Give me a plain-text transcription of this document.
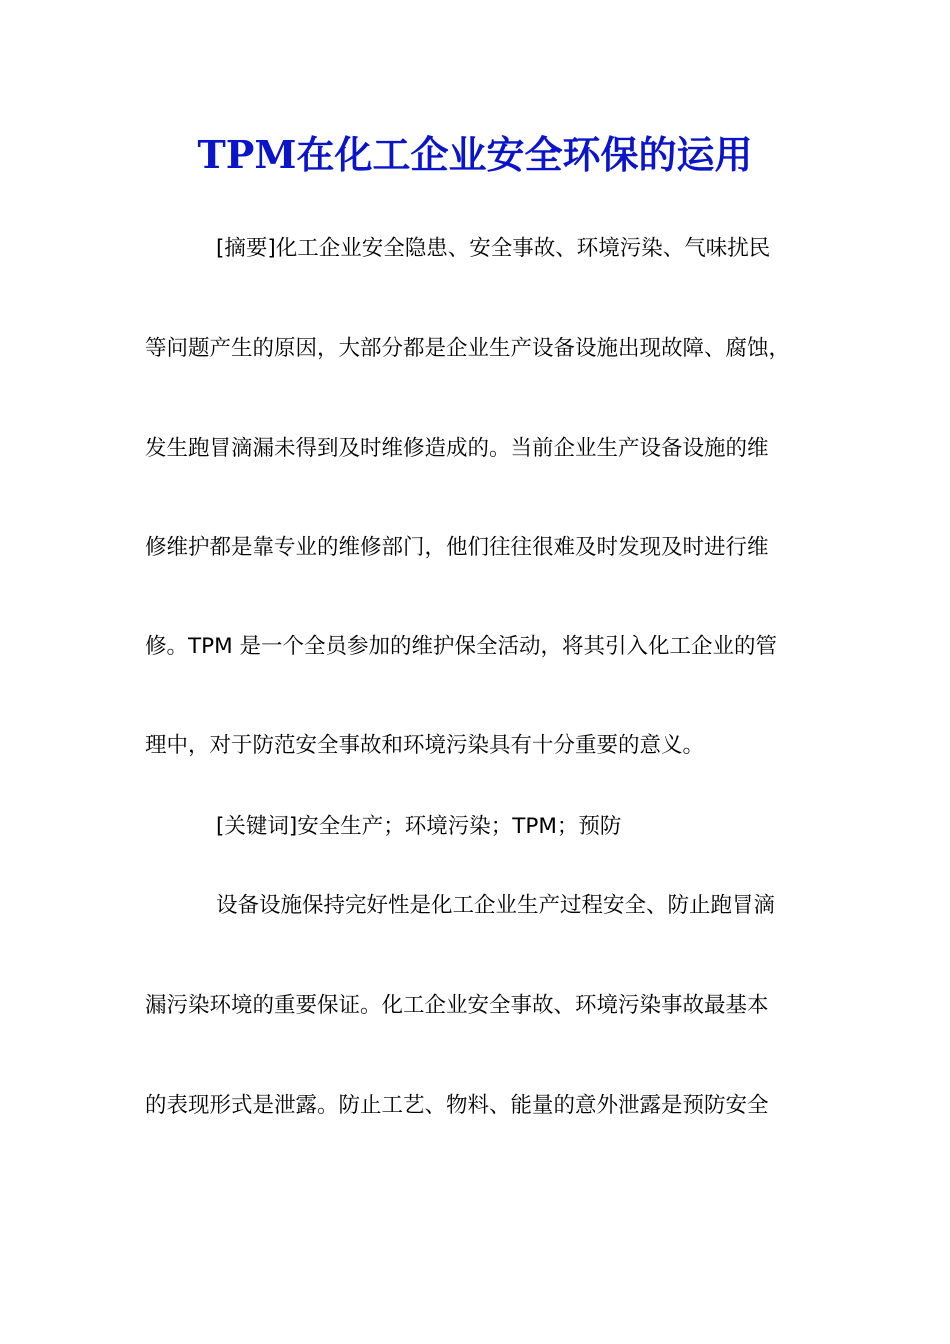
TPM在化工企业安全环保的运用
[摘要]化工企业安全隐患、安全事故、环境污染、气味扰民
等问题产生的原因，大部分都是企业生产设备设施出现故障、腐蚀，
发生跑冒滴漏未得到及时维修造成的。当前企业生产设备设施的维
修维护都是靠专业的维修部门，他们往往很难及时发现及时进行维
修。TPM 是一个全员参加的维护保全活动，将其引入化工企业的管
理中，对于防范安全事故和环境污染具有十分重要的意义。
[关键词]安全生产；环境污染；TPM；预防
设备设施保持完好性是化工企业生产过程安全、防止跑冒滴
漏污染环境的重要保证。化工企业安全事故、环境污染事故最基本
的表现形式是泄露。防止工艺、物料、能量的意外泄露是预防安全
